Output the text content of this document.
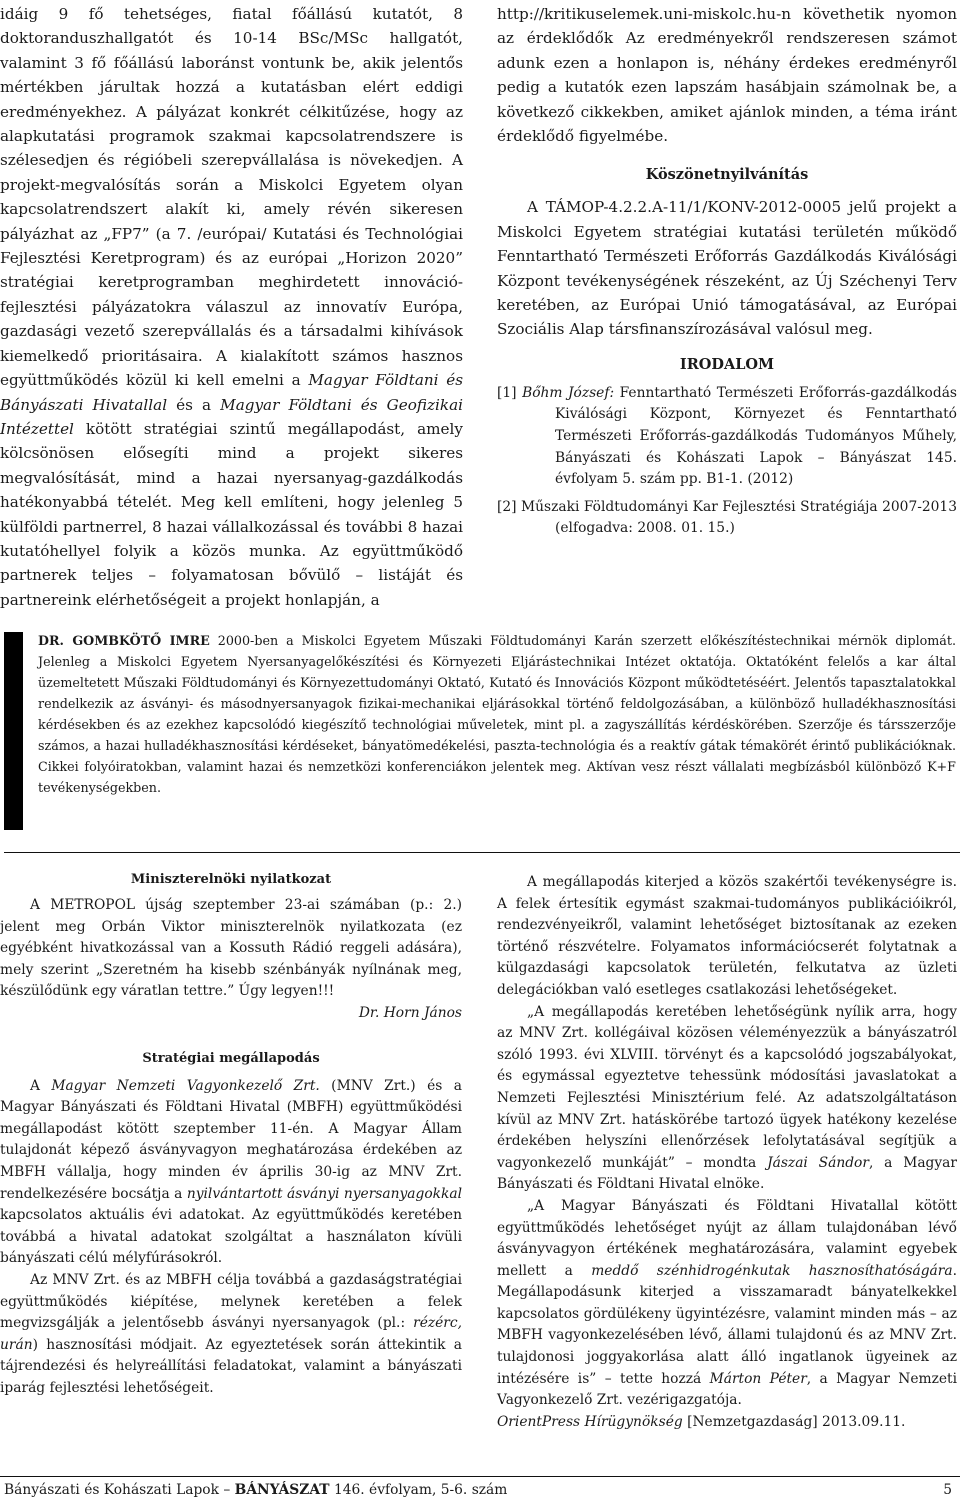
idáig 9 fő tehetséges, fiatal főállású kutatót, 8 doktoranduszhallgatót és 10-14 BSc/MSc hallgatót, valamint 3 fő főállású laboránst vontunk be, akik jelentős mértékben járultak hozzá a kutatásban elért eddigi eredményekhez. A pályázat konkrét célkitűzése, hogy az alapkutatási programok szakmai kapcsolatrendszere is szélesedjen és régióbeli szerepvállalása is növekedjen. A projekt-megvalósítás során a Miskolci Egyetem olyan kapcsolatrendszert alakít ki, amely révén sikeresen pályázhat az „FP7” (a 7. /európai/ Kutatási és Technológiai Fejlesztési Keretprogram) és az európai „Horizon 2020” stratégiai keretprogramban meghirdetett innováció-fejlesztési pályázatokra válaszul az innovatív Európa, gazdasági vezető szerepvállalás és a társadalmi kihívások kiemelkedő prioritásaira. A kialakított számos hasznos együttműködés közül ki kell emelni a Magyar Földtani és Bányászati Hivatallal és a Magyar Földtani és Geofizikai Intézettel kötött stratégiai szintű megállapodást, amely kölcsönösen elősegíti mind a projekt sikeres megvalósítását, mind a hazai nyersanyag-gazdálkodás hatékonyabbá tételét. Meg kell említeni, hogy jelenleg 5 külföldi partnerrel, 8 hazai vállalkozással és további 8 hazai kutatóhellyel folyik a közös munka. Az együttműködő partnerek teljes – folyamatosan bővülő – listáját és partnereink elérhetőségeit a projekt honlapján, a

http://kritikuselemek.uni-miskolc.hu-n követhetik nyomon az érdeklődők Az eredményekről rendszeresen számot adunk ezen a honlapon is, néhány érdekes eredményről pedig a kutatók ezen lapszám hasábjain számolnak be, a következő cikkekben, amiket ajánlok minden, a téma iránt érdeklődő figyelmébe.

Köszönetnyilvánítás

A TÁMOP-4.2.2.A-11/1/KONV-2012-0005 jelű projekt a Miskolci Egyetem stratégiai kutatási területén működő Fenntartható Természeti Erőforrás Gazdálkodás Kiválósági Központ tevékenységének részeként, az Új Széchenyi Terv keretében, az Európai Unió támogatásával, az Európai Szociális Alap társfinanszírozásával valósul meg.

IRODALOM

[1] Bőhm József: Fenntartható Természeti Erőforrás-gazdálkodás Kiválósági Központ, Környezet és Fenntartható Természeti Erőforrás-gazdálkodás Tudományos Műhely, Bányászati és Kohászati Lapok – Bányászat 145. évfolyam 5. szám pp. B1-1. (2012)

[2] Műszaki Földtudományi Kar Fejlesztési Stratégiája 2007-2013 (elfogadva: 2008. 01. 15.)

DR. GOMBKÖTŐ IMRE 2000-ben a Miskolci Egyetem Műszaki Földtudományi Karán szerzett előkészítéstechnikai mérnök diplomát. Jelenleg a Miskolci Egyetem Nyersanyagelőkészítési és Környezeti Eljárástechnikai Intézet oktatója. Oktatóként felelős a kar által üzemeltetett Műszaki Földtudományi és Környezettudományi Oktató, Kutató és Innovációs Központ működtetéséért. Jelentős tapasztalatokkal rendelkezik az ásványi- és másodnyersanyagok fizikai-mechanikai eljárásokkal történő feldolgozásában, a különböző hulladékhasznosítási kérdésekben és az ezekhez kapcsolódó kiegészítő technológiai műveletek, mint pl. a zagyszállítás kérdéskörében. Szerzője és társszerzője számos, a hazai hulladékhasznosítási kérdéseket, bányatömedékelési, paszta-technológia és a reaktív gátak témakörét érintő publikációknak. Cikkei folyóiratokban, valamint hazai és nemzetközi konferenciákon jelentek meg. Aktívan vesz részt vállalati megbízásból különböző K+F tevékenységekben.

Miniszterelnöki nyilatkozat

A METROPOL újság szeptember 23-ai számában (p.: 2.) jelent meg Orbán Viktor miniszterelnök nyilatkozata (ez egyébként hivatkozással van a Kossuth Rádió reggeli adására), mely szerint „Szeretném ha kisebb szénbányák nyílnának meg, készülődünk egy váratlan tettre.” Úgy legyen!!!

Dr. Horn János

Stratégiai megállapodás

A Magyar Nemzeti Vagyonkezelő Zrt. (MNV Zrt.) és a Magyar Bányászati és Földtani Hivatal (MBFH) együttműködési megállapodást kötött szeptember 11-én. A Magyar Állam tulajdonát képező ásványvagyon meghatározása érdekében az MBFH vállalja, hogy minden év április 30-ig az MNV Zrt. rendelkezésére bocsátja a nyilvántartott ásványi nyersanyagokkal kapcsolatos aktuális évi adatokat. Az együttműködés keretében továbbá a hivatal adatokat szolgáltat a használaton kívüli bányászati célú mélyfúrásokról.

Az MNV Zrt. és az MBFH célja továbbá a gazdaságstratégiai együttműködés kiépítése, melynek keretében a felek megvizsgálják a jelentősebb ásványi nyersanyagok (pl.: rézérc, urán) hasznosítási módjait. Az egyeztetések során áttekintik a tájrendezési és helyreállítási feladatokat, valamint a bányászati iparág fejlesztési lehetőségeit.

A megállapodás kiterjed a közös szakértői tevékenységre is. A felek értesítik egymást szakmai-tudományos publikációikról, rendezvényeikről, valamint lehetőséget biztosítanak az ezeken történő részvételre. Folyamatos információcserét folytatnak a külgazdasági kapcsolatok területén, felkutatva az üzleti delegációkban való esetleges csatlakozási lehetőségeket.

„A megállapodás keretében lehetőségünk nyílik arra, hogy az MNV Zrt. kollégáival közösen véleményezzük a bányászatról szóló 1993. évi XLVIII. törvényt és a kapcsolódó jogszabályokat, és egymással egyeztetve tehessünk módosítási javaslatokat a Nemzeti Fejlesztési Minisztérium felé. Az adatszolgáltatáson kívül az MNV Zrt. hatáskörébe tartozó ügyek hatékony kezelése érdekében helyszíni ellenőrzések lefolytatásával segítjük a vagyonkezelő munkáját” – mondta Jászai Sándor, a Magyar Bányászati és Földtani Hivatal elnöke.

„A Magyar Bányászati és Földtani Hivatallal kötött együttműködés lehetőséget nyújt az állam tulajdonában lévő ásványvagyon értékének meghatározására, valamint egyebek mellett a meddő szénhidrogénkutak hasznosíthatóságára. Megállapodásunk kiterjed a visszamaradt bányatelkekkel kapcsolatos gördülékeny ügyintézésre, valamint minden más – az MBFH vagyonkezelésében lévő, állami tulajdonú és az MNV Zrt. tulajdonosi joggyakorlása alatt álló ingatlanok ügyeinek az intézésére is” – tette hozzá Márton Péter, a Magyar Nemzeti Vagyonkezelő Zrt. vezérigazgatója.

OrientPress Hírügynökség [Nemzetgazdaság] 2013.09.11.

Bányászati és Kohászati Lapok – BÁNYÁSZAT 146. évfolyam, 5-6. szám	5
